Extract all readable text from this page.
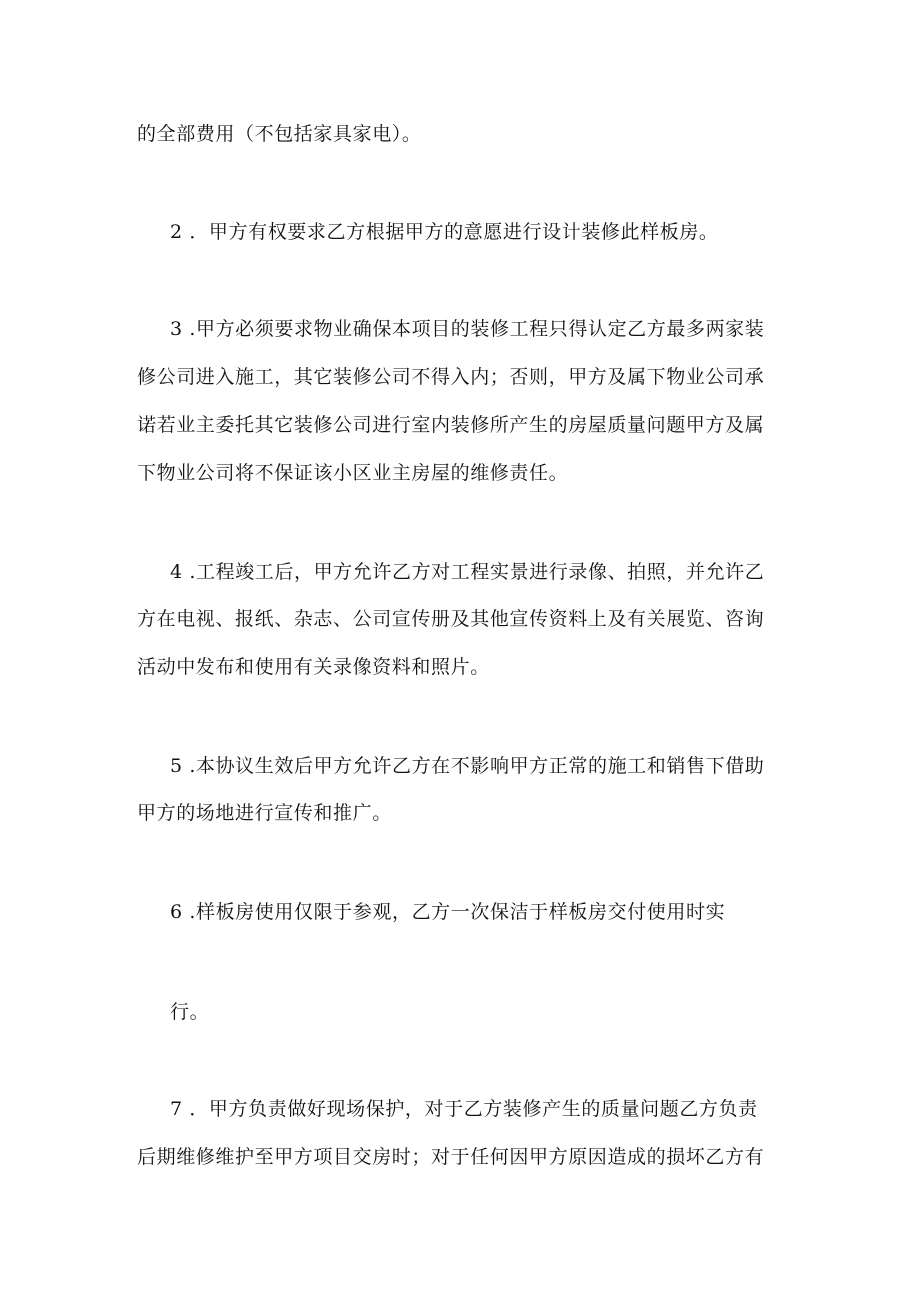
的全部费用（不包括家具家电）。
2 ．甲方有权要求乙方根据甲方的意愿进行设计装修此样板房。
3 .甲方必须要求物业确保本项目的装修工程只得认定乙方最多两家装
修公司进入施工，其它装修公司不得入内；否则，甲方及属下物业公司承
诺若业主委托其它装修公司进行室内装修所产生的房屋质量问题甲方及属
下物业公司将不保证该小区业主房屋的维修责任。
4 .工程竣工后，甲方允许乙方对工程实景进行录像、拍照，并允许乙
方在电视、报纸、杂志、公司宣传册及其他宣传资料上及有关展览、咨询
活动中发布和使用有关录像资料和照片。
5 .本协议生效后甲方允许乙方在不影响甲方正常的施工和销售下借助
甲方的场地进行宣传和推广。
6 .样板房使用仅限于参观，乙方一次保洁于样板房交付使用时实
行。
7 ．甲方负责做好现场保护，对于乙方装修产生的质量问题乙方负责
后期维修维护至甲方项目交房时；对于任何因甲方原因造成的损坏乙方有
